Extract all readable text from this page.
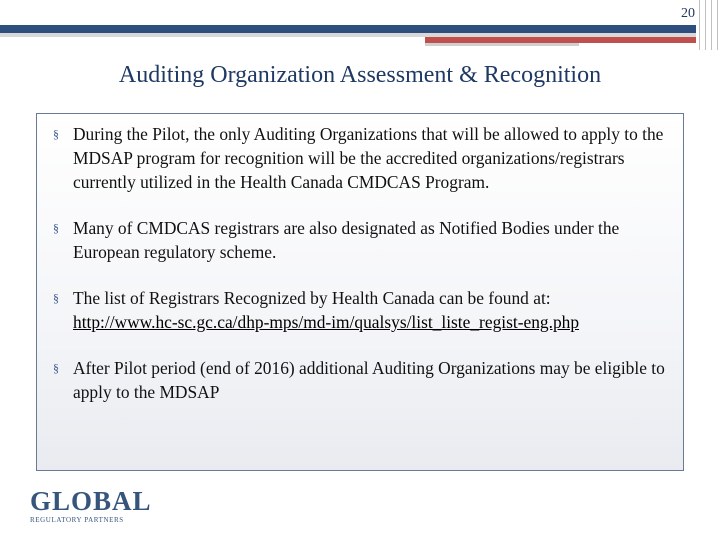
20
Auditing Organization Assessment & Recognition
§ During the Pilot, the only Auditing Organizations that will be allowed to apply to the MDSAP program for recognition will be the accredited organizations/registrars currently utilized in the Health Canada CMDCAS Program.
§ Many of CMDCAS registrars are also designated as Notified Bodies under the European regulatory scheme.
§ The list of Registrars Recognized by Health Canada can be found at:
http://www.hc-sc.gc.ca/dhp-mps/md-im/qualsys/list_liste_regist-eng.php
§ After Pilot period (end of 2016) additional Auditing Organizations may be eligible to apply to the MDSAP
GLOBAL
REGULATORY PARTNERS
